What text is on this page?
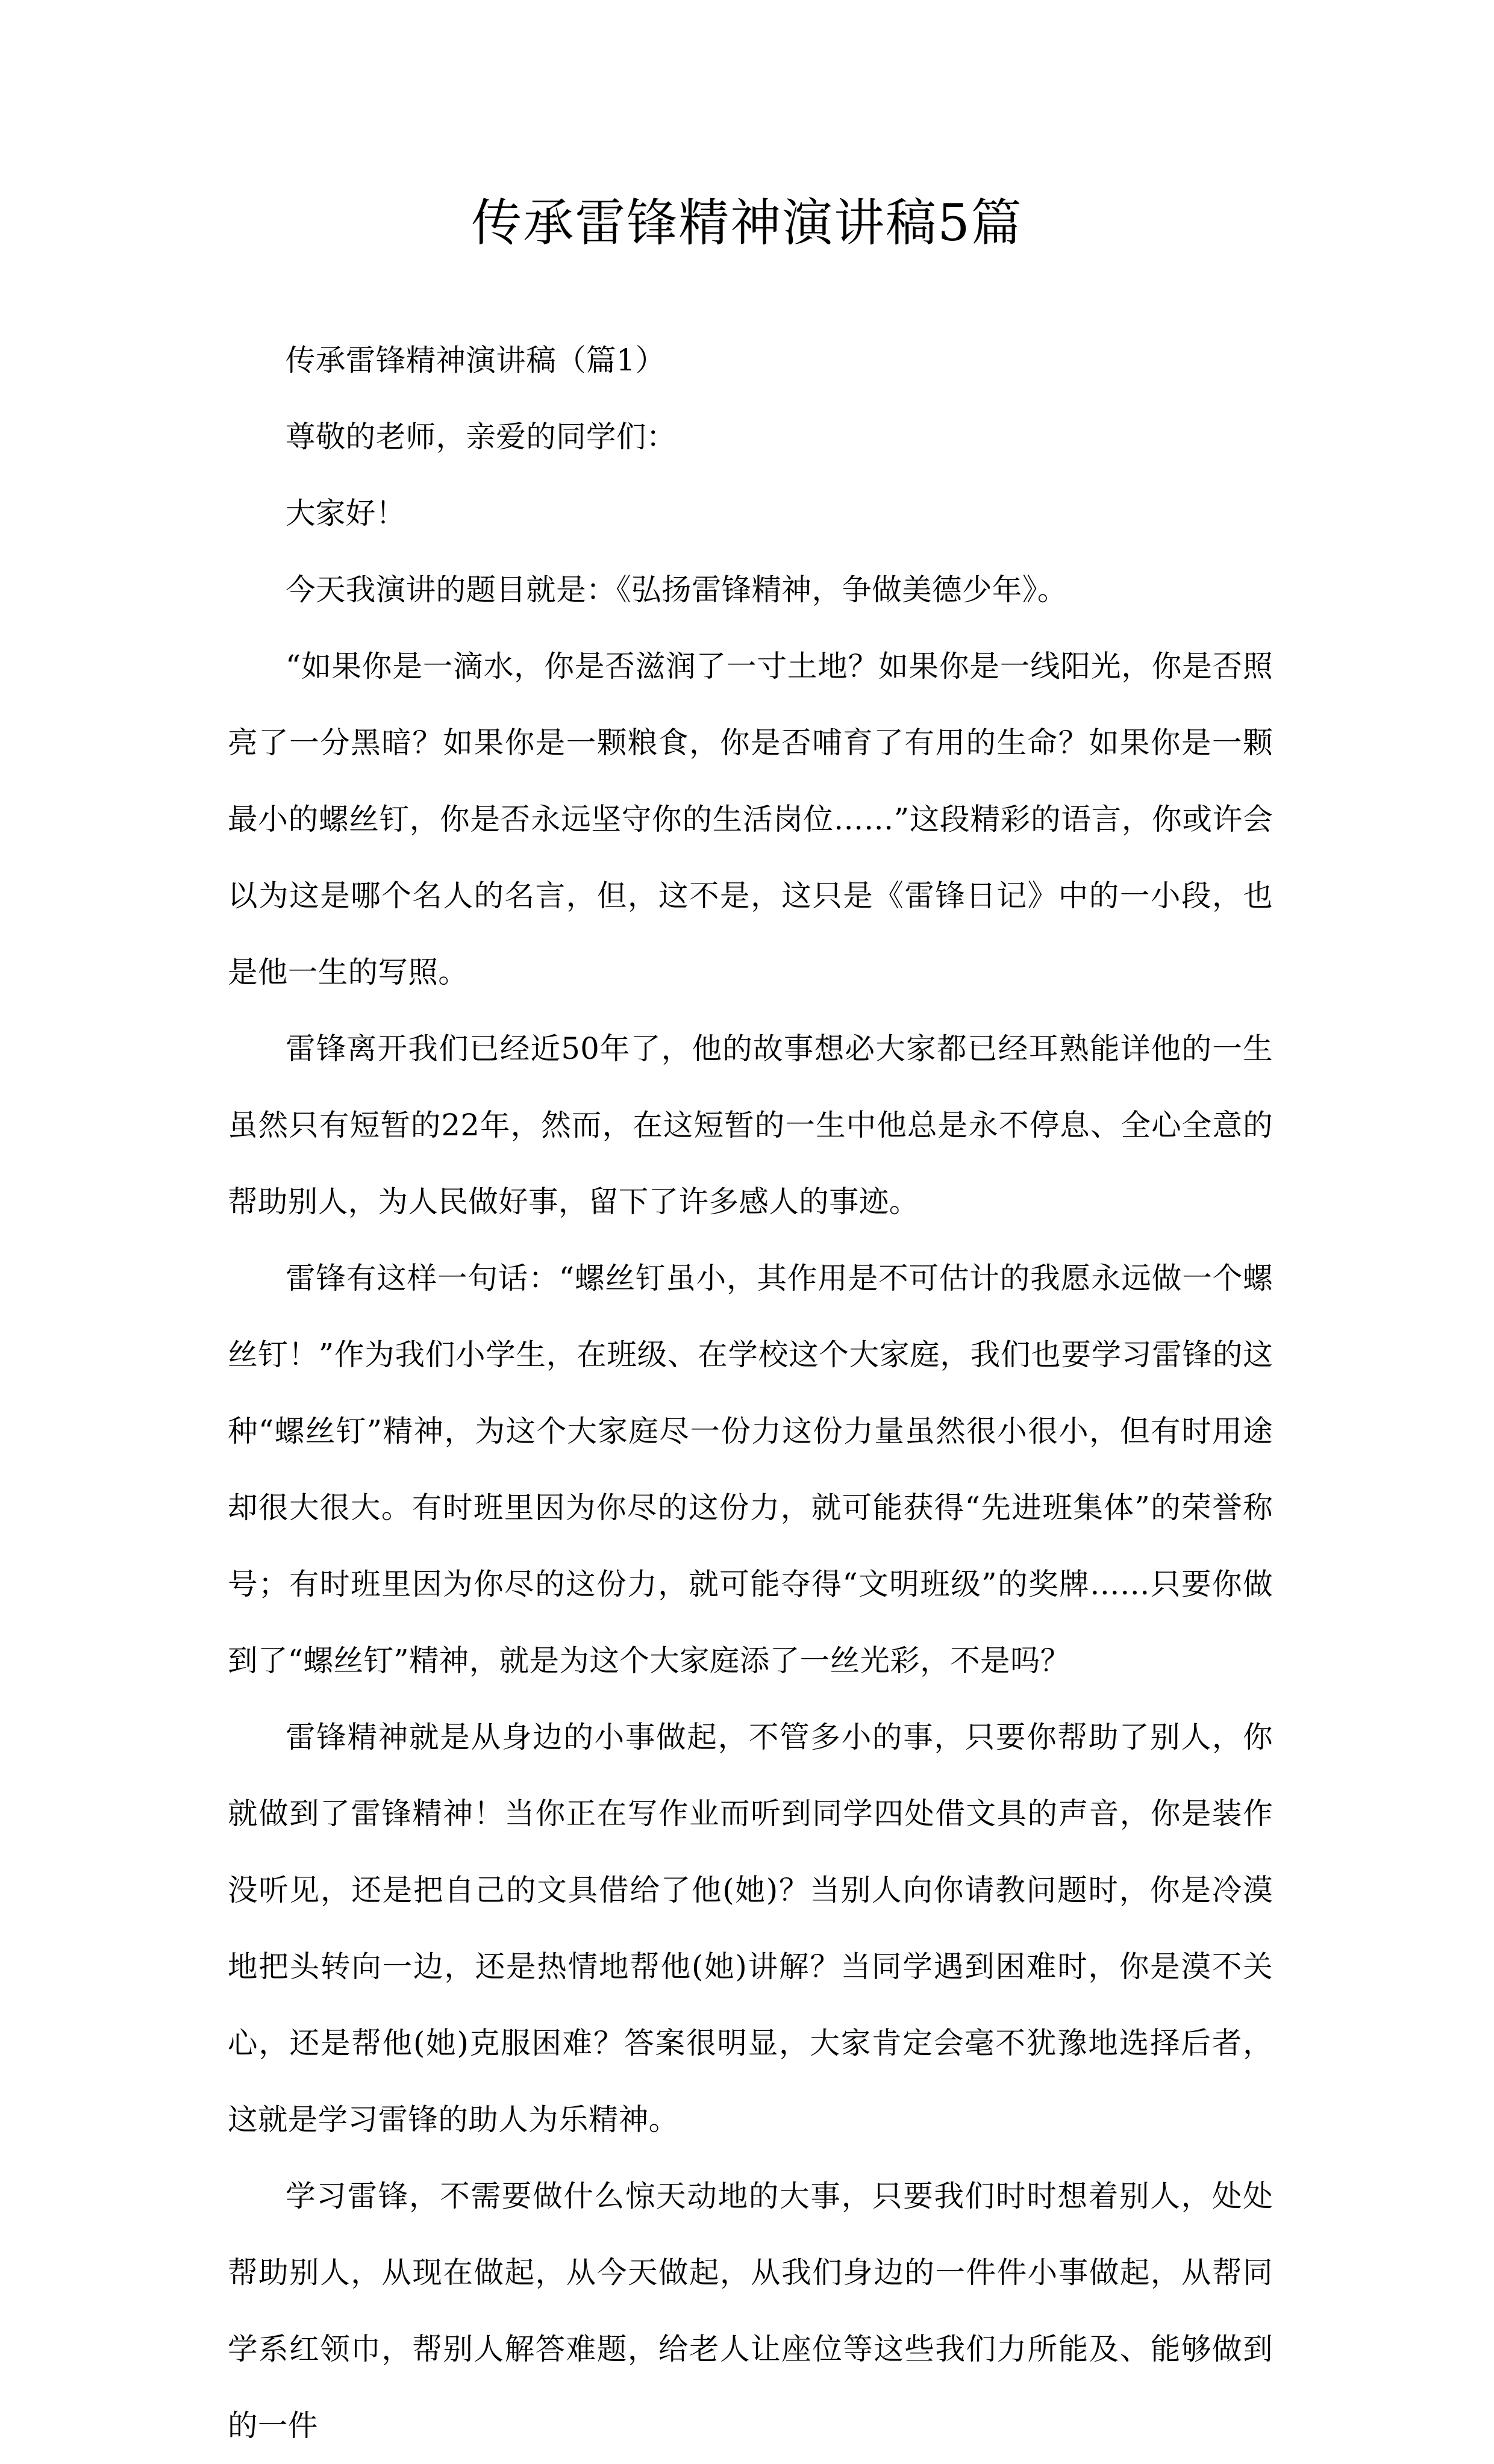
传承雷锋精神演讲稿5篇

传承雷锋精神演讲稿（篇1）

尊敬的老师，亲爱的同学们：

大家好！

今天我演讲的题目就是：《弘扬雷锋精神，争做美德少年》。

“如果你是一滴水，你是否滋润了一寸土地？如果你是一线阳光，你是否照亮了一分黑暗？如果你是一颗粮食，你是否哺育了有用的生命？如果你是一颗最小的螺丝钉，你是否永远坚守你的生活岗位……”这段精彩的语言，你或许会以为这是哪个名人的名言，但，这不是，这只是《雷锋日记》中的一小段，也是他一生的写照。

雷锋离开我们已经近50年了，他的故事想必大家都已经耳熟能详他的一生虽然只有短暂的22年，然而，在这短暂的一生中他总是永不停息、全心全意的帮助别人，为人民做好事，留下了许多感人的事迹。

雷锋有这样一句话：“螺丝钉虽小，其作用是不可估计的我愿永远做一个螺丝钉！”作为我们小学生，在班级、在学校这个大家庭，我们也要学习雷锋的这种“螺丝钉”精神，为这个大家庭尽一份力这份力量虽然很小很小，但有时用途却很大很大。有时班里因为你尽的这份力，就可能获得“先进班集体”的荣誉称号；有时班里因为你尽的这份力，就可能夺得“文明班级”的奖牌……只要你做到了“螺丝钉”精神，就是为这个大家庭添了一丝光彩，不是吗？

雷锋精神就是从身边的小事做起，不管多小的事，只要你帮助了别人，你就做到了雷锋精神！当你正在写作业而听到同学四处借文具的声音，你是装作没听见，还是把自己的文具借给了他(她)？当别人向你请教问题时，你是冷漠地把头转向一边，还是热情地帮他(她)讲解？当同学遇到困难时，你是漠不关心，还是帮他(她)克服困难？答案很明显，大家肯定会毫不犹豫地选择后者，这就是学习雷锋的助人为乐精神。

学习雷锋，不需要做什么惊天动地的大事，只要我们时时想着别人，处处帮助别人，从现在做起，从今天做起，从我们身边的一件件小事做起，从帮同学系红领巾，帮别人解答难题，给老人让座位等这些我们力所能及、能够做到的一件
